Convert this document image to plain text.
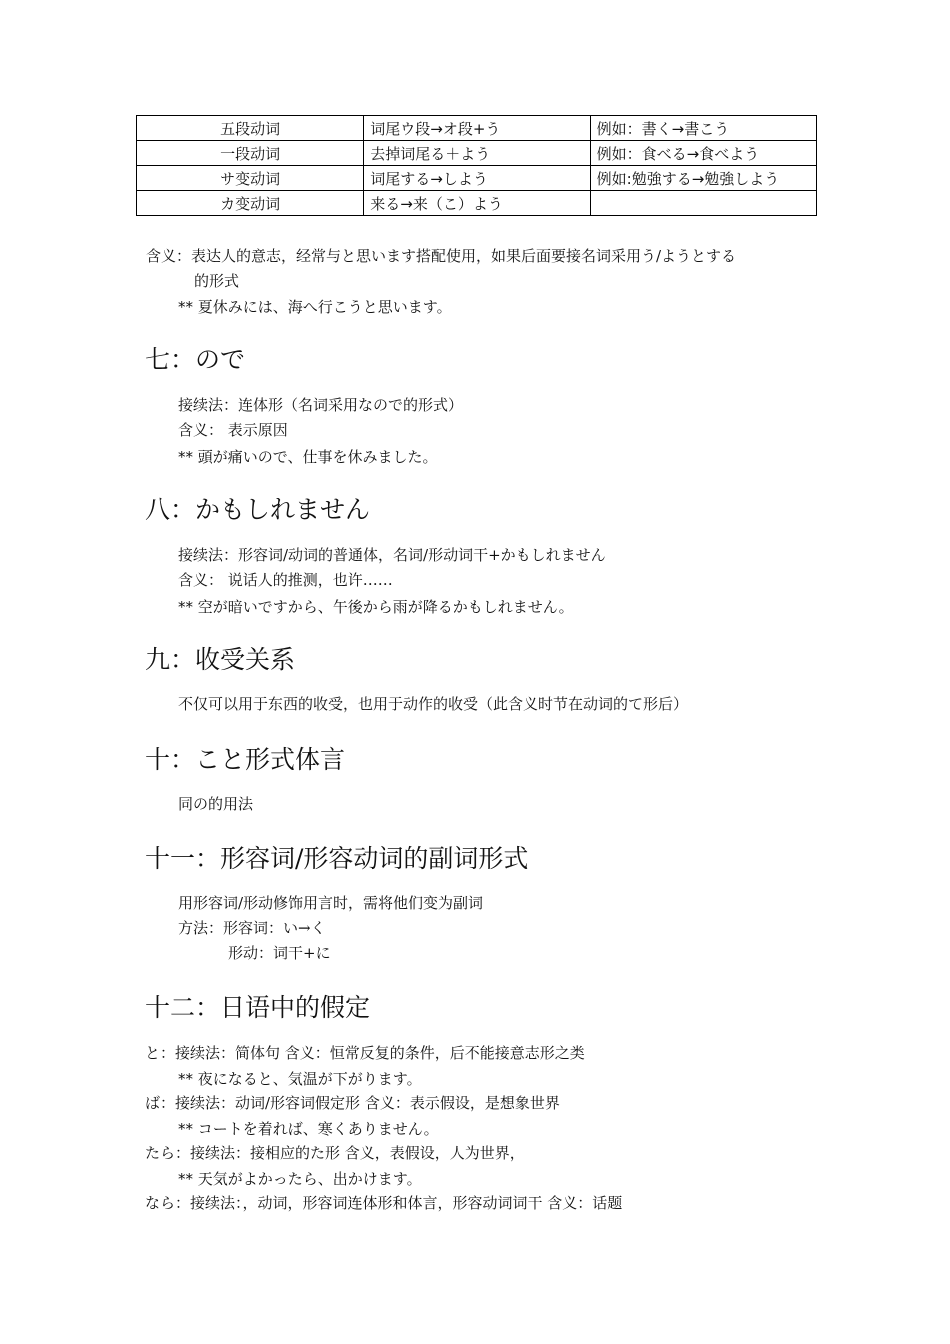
五段动词	词尾ウ段→オ段+う	例如：書く→書こう
一段动词	去掉词尾る＋よう	例如：食べる→食べよう
サ变动词	词尾する→しよう	例如:勉強する→勉強しよう
カ变动词	来る→来（こ）よう	
含义：表达人的意志，经常与と思います搭配使用，如果后面要接名词采用う/ようとする
的形式
** 夏休みには、海へ行こうと思います。
七：ので
接续法：连体形（名词采用なので的形式）
含义： 表示原因
** 頭が痛いので、仕事を休みました。
八：かもしれません
接续法：形容词/动词的普通体，名词/形动词干+かもしれません
含义： 说话人的推测，也许……
** 空が暗いですから、午後から雨が降るかもしれません。
九：收受关系
不仅可以用于东西的收受，也用于动作的收受（此含义时节在动词的て形后）
十：こと形式体言
同の的用法
十一：形容词/形容动词的副词形式
用形容词/形动修饰用言时，需将他们变为副词
方法：形容词：い→く
形动：词干+に
十二：日语中的假定
と：接续法：简体句 含义：恒常反复的条件，后不能接意志形之类
** 夜になると、気温が下がります。
ば：接续法：动词/形容词假定形 含义：表示假设，是想象世界
** コートを着れば、寒くありません。
たら：接续法：接相应的た形 含义，表假设，人为世界，
** 天気がよかったら、出かけます。
なら：接续法：，动词，形容词连体形和体言，形容动词词干 含义：话题
